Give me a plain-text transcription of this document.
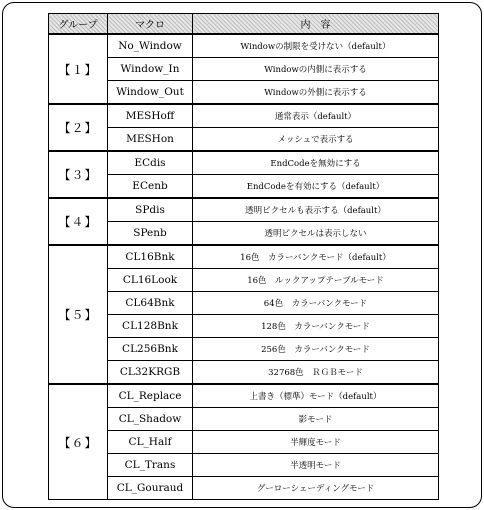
グループ	マクロ	内　容
【１】	No_Window	Windowの制限を受けない（default）
	Window_In	Windowの内側に表示する
	Window_Out	Windowの外側に表示する
【２】	MESHoff	通常表示（default）
	MESHon	メッシュで表示する
【３】	ECdis	EndCodeを無効にする
	ECenb	EndCodeを有効にする（default）
【４】	SPdis	透明ピクセルも表示する（default）
	SPenb	透明ピクセルは表示しない
【５】	CL16Bnk	16色　カラーバンクモード（default）
	CL16Look	16色　ルックアップテーブルモード
	CL64Bnk	64色　カラーバンクモード
	CL128Bnk	128色　カラーバンクモード
	CL256Bnk	256色　カラーバンクモード
	CL32KRGB	32768色　ＲＧＢモード
【６】	CL_Replace	上書き（標準）モード（default）
	CL_Shadow	影モード
	CL_Half	半輝度モード
	CL_Trans	半透明モード
	CL_Gouraud	グーローシェーディングモード
